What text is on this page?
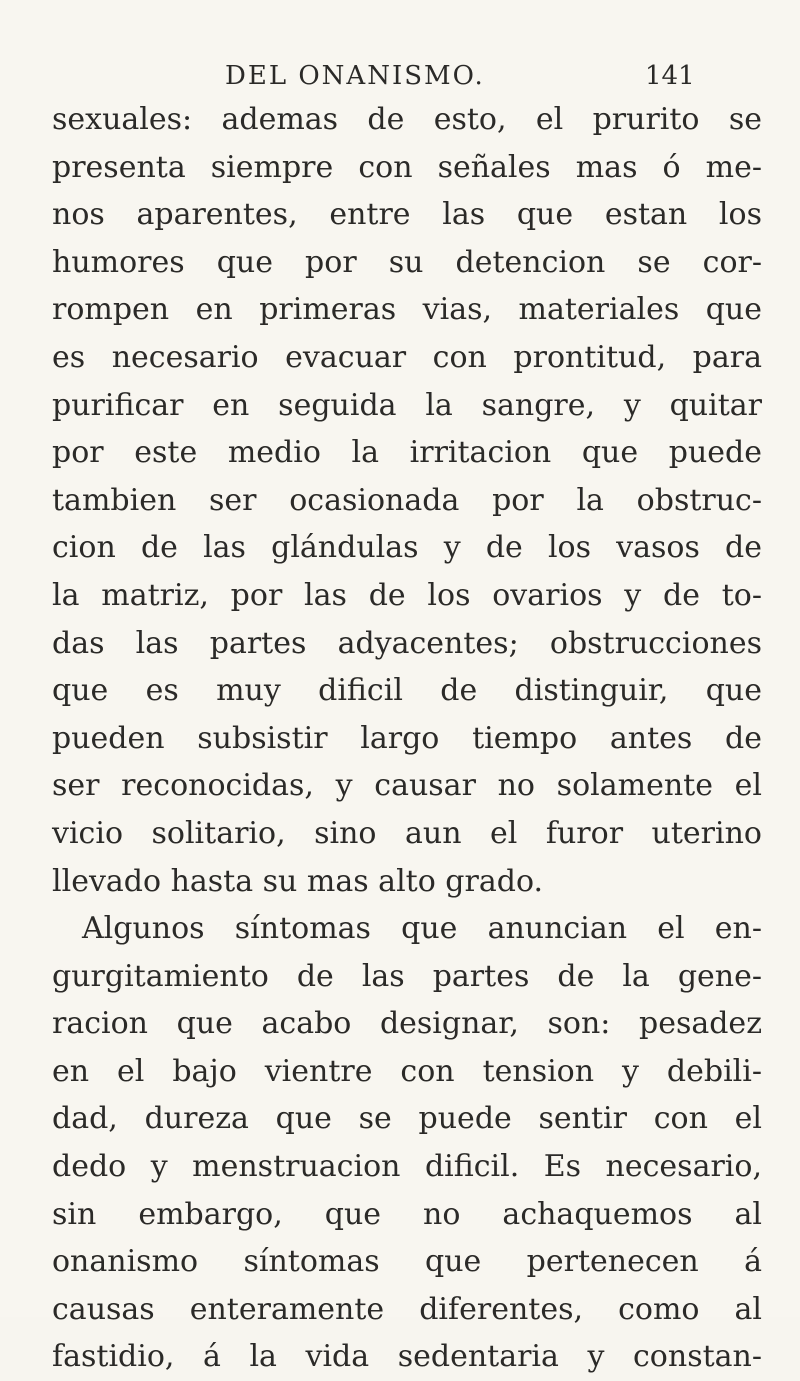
DEL ONANISMO.	141
sexuales: ademas de esto, el prurito se
presenta siempre con señales mas ó me-
nos aparentes, entre las que estan los
humores que por su detencion se cor-
rompen en primeras vias, materiales que
es necesario evacuar con prontitud, para
purificar en seguida la sangre, y quitar
por este medio la irritacion que puede
tambien ser ocasionada por la obstruc-
cion de las glándulas y de los vasos de
la matriz, por las de los ovarios y de to-
das las partes adyacentes; obstrucciones
que es muy dificil de distinguir, que
pueden subsistir largo tiempo antes de
ser reconocidas, y causar no solamente el
vicio solitario, sino aun el furor uterino
llevado hasta su mas alto grado.
Algunos síntomas que anuncian el en-
gurgitamiento de las partes de la gene-
racion que acabo designar, son: pesadez
en el bajo vientre con tension y debili-
dad, dureza que se puede sentir con el
dedo y menstruacion dificil. Es necesario,
sin embargo, que no achaquemos al
onanismo síntomas que pertenecen á
causas enteramente diferentes, como al
fastidio, á la vida sedentaria y constan-
